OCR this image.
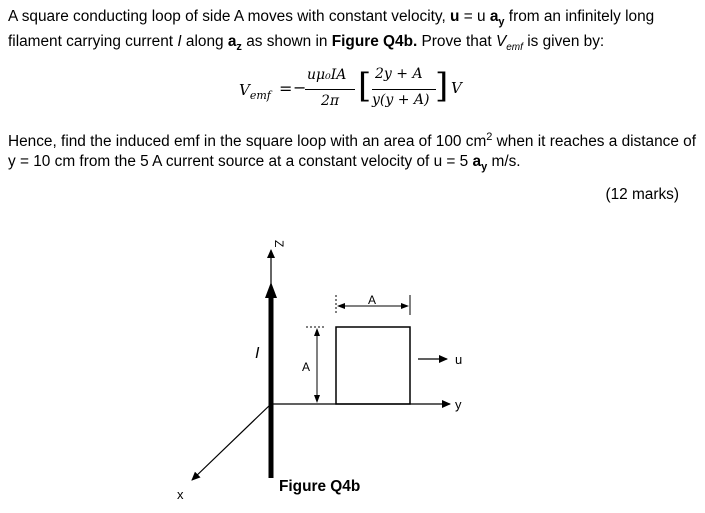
A square conducting loop of side A moves with constant velocity, u = u $a_y$ from an infinitely long filament carrying current I along $a_z$ as shown in Figure Q4b. Prove that $V_{emf}$ is given by:
$V_{emf}$ = −
uμ₀IA
2π [ 2y + A
y(y + A) ] V
Hence, find the induced emf in the square loop with an area of 100 $cm^2$ when it reaches a distance of y = 10 cm from the 5 A current source at a constant velocity of u = 5 $a_y$ m/s.
(12 marks)
Z
I
A
A	u
y
x	Figure Q4b
